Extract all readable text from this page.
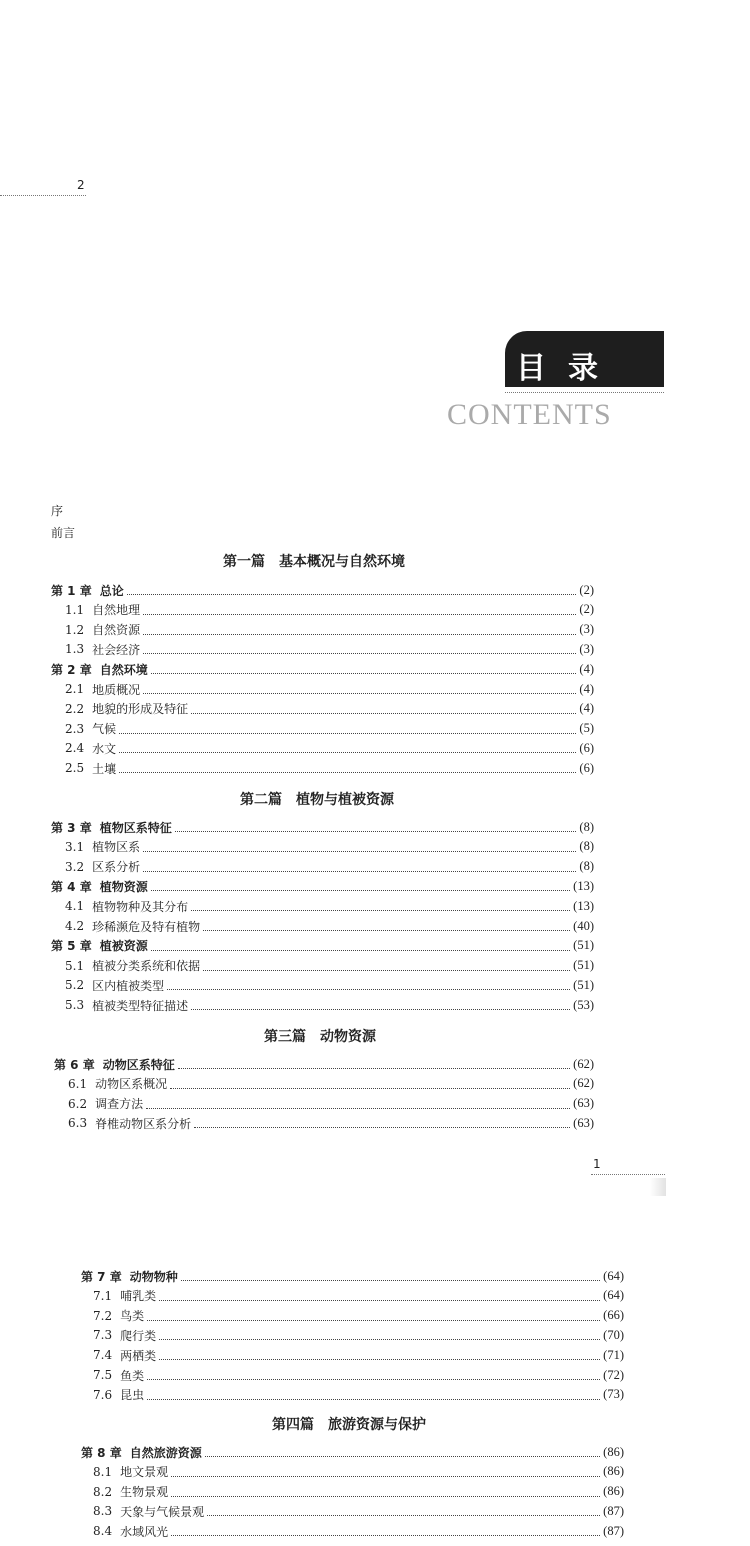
2
目录
CONTENTS
序
前言
第一篇　基本概况与自然环境
第二篇　植物与植被资源
第三篇　动物资源
第四篇　旅游资源与保护
第 1 章 总论	(2)
1.1 自然地理	(2)
1.2 自然资源	(3)
1.3 社会经济	(3)
第 2 章 自然环境	(4)
2.1 地质概况	(4)
2.2 地貌的形成及特征	(4)
2.3 气候	(5)
2.4 水文	(6)
2.5 土壤	(6)
第 3 章 植物区系特征	(8)
3.1 植物区系	(8)
3.2 区系分析	(8)
第 4 章 植物资源	(13)
4.1 植物物种及其分布	(13)
4.2 珍稀濒危及特有植物	(40)
第 5 章 植被资源	(51)
5.1 植被分类系统和依据	(51)
5.2 区内植被类型	(51)
5.3 植被类型特征描述	(53)
第 6 章 动物区系特征	(62)
6.1 动物区系概况	(62)
6.2 调查方法	(63)
6.3 脊椎动物区系分析	(63)
第 7 章 动物物种	(64)
7.1 哺乳类	(64)
7.2 鸟类	(66)
7.3 爬行类	(70)
7.4 两栖类	(71)
7.5 鱼类	(72)
7.6 昆虫	(73)
第 8 章 自然旅游资源	(86)
8.1 地文景观	(86)
8.2 生物景观	(86)
8.3 天象与气候景观	(87)
8.4 水域风光	(87)
1
